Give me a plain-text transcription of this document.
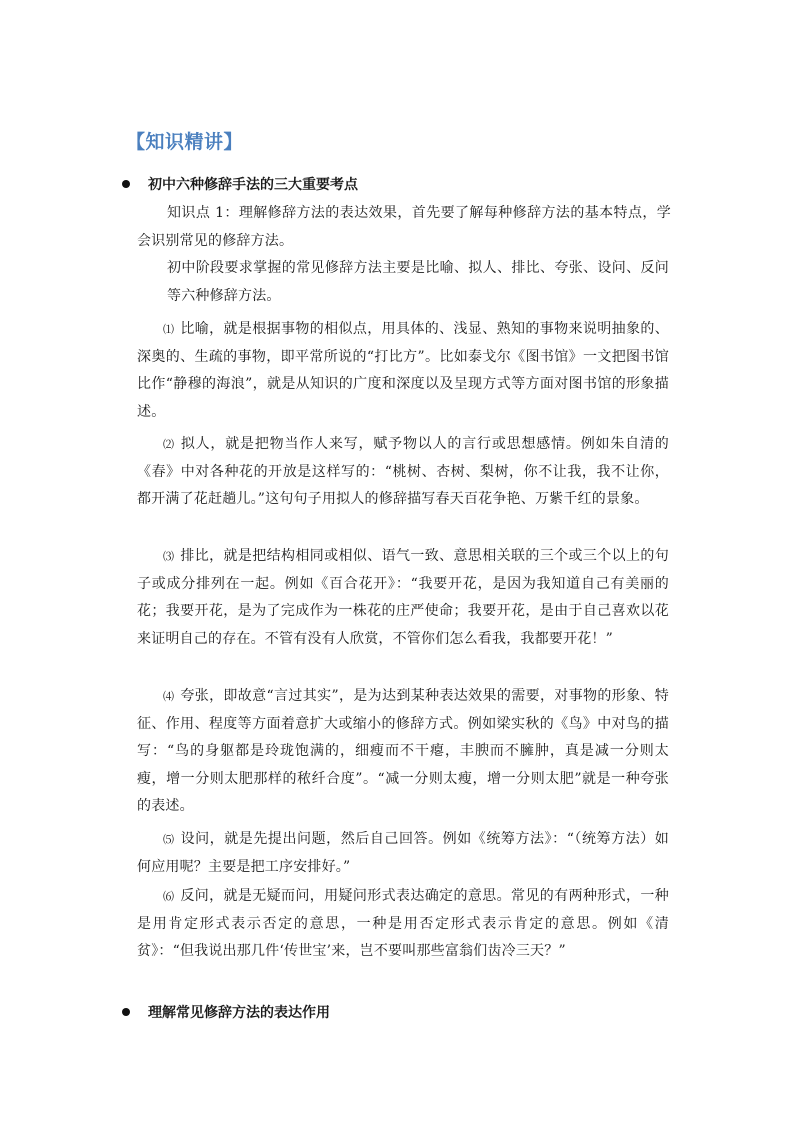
【知识精讲】
初中六种修辞手法的三大重要考点

知识点 1：理解修辞方法的表达效果，首先要了解每种修辞方法的基本特点，学会识别常见的修辞方法。

初中阶段要求掌握的常见修辞方法主要是比喻、拟人、排比、夸张、设问、反问等六种修辞方法。

⑴ 比喻，就是根据事物的相似点，用具体的、浅显、熟知的事物来说明抽象的、深奥的、生疏的事物，即平常所说的“打比方”。比如泰戈尔《图书馆》一文把图书馆比作“静穆的海浪”，就是从知识的广度和深度以及呈现方式等方面对图书馆的形象描述。

⑵ 拟人，就是把物当作人来写，赋予物以人的言行或思想感情。例如朱自清的《春》中对各种花的开放是这样写的：“桃树、杏树、梨树，你不让我，我不让你，都开满了花赶趟儿。”这句句子用拟人的修辞描写春天百花争艳、万紫千红的景象。

⑶ 排比，就是把结构相同或相似、语气一致、意思相关联的三个或三个以上的句子或成分排列在一起。例如《百合花开》：“我要开花，是因为我知道自己有美丽的花；我要开花，是为了完成作为一株花的庄严使命；我要开花，是由于自己喜欢以花来证明自己的存在。不管有没有人欣赏，不管你们怎么看我，我都要开花！”

⑷ 夸张，即故意“言过其实”，是为达到某种表达效果的需要，对事物的形象、特征、作用、程度等方面着意扩大或缩小的修辞方式。例如梁实秋的《鸟》中对鸟的描写：“鸟的身躯都是玲珑饱满的，细瘦而不干瘪，丰腴而不臃肿，真是减一分则太瘦，增一分则太肥那样的秾纤合度”。“减一分则太瘦，增一分则太肥”就是一种夸张的表述。

⑸ 设问，就是先提出问题，然后自己回答。例如《统筹方法》：“（统筹方法）如何应用呢？主要是把工序安排好。”

⑹ 反问，就是无疑而问，用疑问形式表达确定的意思。常见的有两种形式，一种是用肯定形式表示否定的意思，一种是用否定形式表示肯定的意思。例如《清贫》：“但我说出那几件‘传世宝’来，岂不要叫那些富翁们齿冷三天？”

理解常见修辞方法的表达作用
